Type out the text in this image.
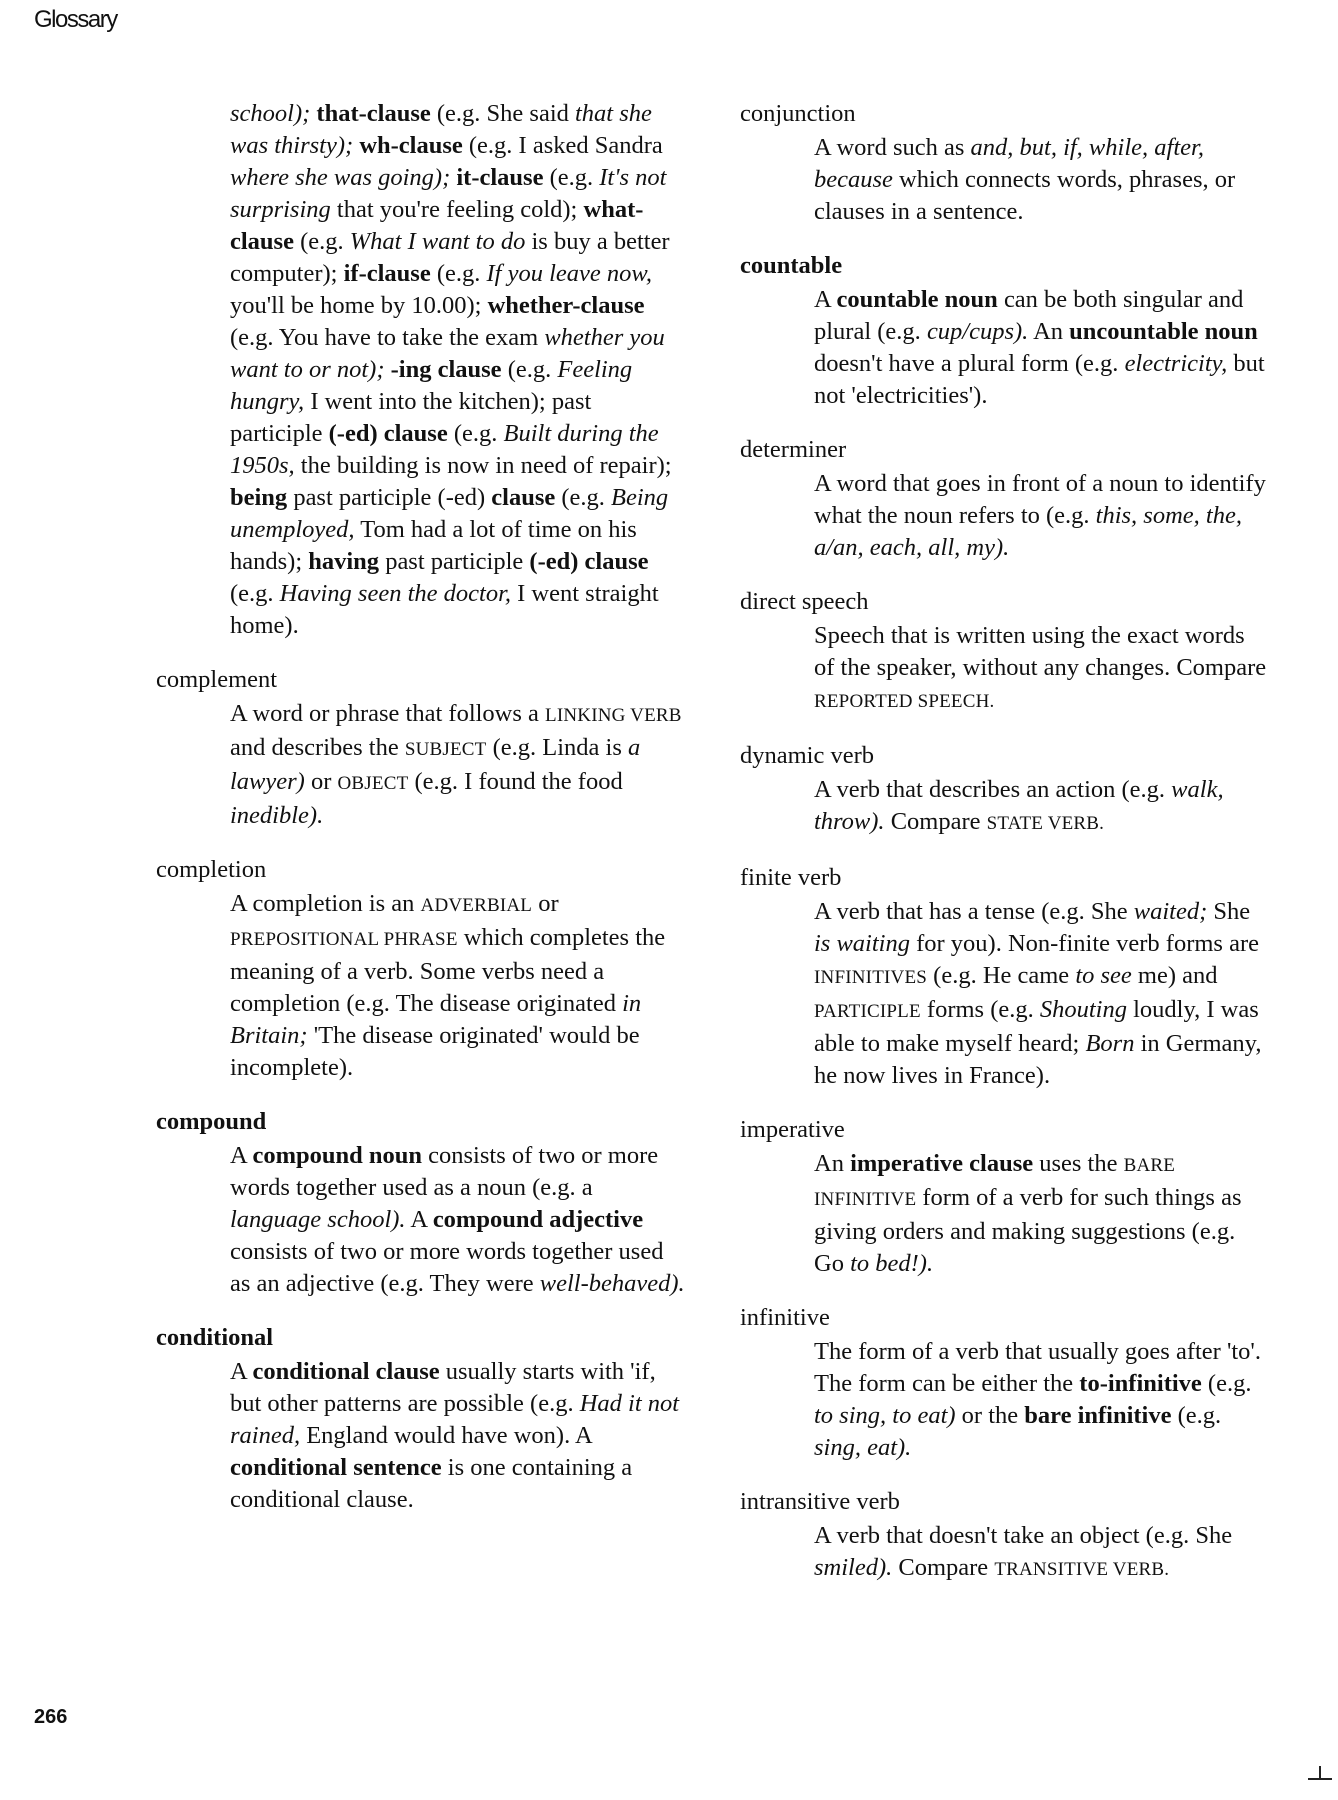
Glossary
school); that-clause (e.g. She said that she was thirsty); wh-clause (e.g. I asked Sandra where she was going); it-clause (e.g. It's not surprising that you're feeling cold); what-clause (e.g. What I want to do is buy a better computer); if-clause (e.g. If you leave now, you'll be home by 10.00); whether-clause (e.g. You have to take the exam whether you want to or not); -ing clause (e.g. Feeling hungry, I went into the kitchen); past participle (-ed) clause (e.g. Built during the 1950s, the building is now in need of repair); being past participle (-ed) clause (e.g. Being unemployed, Tom had a lot of time on his hands); having past participle (-ed) clause (e.g. Having seen the doctor, I went straight home).
complement
A word or phrase that follows a LINKING VERB and describes the SUBJECT (e.g. Linda is a lawyer) or OBJECT (e.g. I found the food inedible).
completion
A completion is an ADVERBIAL or PREPOSITIONAL PHRASE which completes the meaning of a verb. Some verbs need a completion (e.g. The disease originated in Britain; 'The disease originated' would be incomplete).
compound
A compound noun consists of two or more words together used as a noun (e.g. a language school). A compound adjective consists of two or more words together used as an adjective (e.g. They were well-behaved).
conditional
A conditional clause usually starts with 'if, but other patterns are possible (e.g. Had it not rained, England would have won). A conditional sentence is one containing a conditional clause.
conjunction
A word such as and, but, if, while, after, because which connects words, phrases, or clauses in a sentence.
countable
A countable noun can be both singular and plural (e.g. cup/cups). An uncountable noun doesn't have a plural form (e.g. electricity, but not 'electricities').
determiner
A word that goes in front of a noun to identify what the noun refers to (e.g. this, some, the, a/an, each, all, my).
direct speech
Speech that is written using the exact words of the speaker, without any changes. Compare REPORTED SPEECH.
dynamic verb
A verb that describes an action (e.g. walk, throw). Compare STATE VERB.
finite verb
A verb that has a tense (e.g. She waited; She is waiting for you). Non-finite verb forms are INFINITIVES (e.g. He came to see me) and PARTICIPLE forms (e.g. Shouting loudly, I was able to make myself heard; Born in Germany, he now lives in France).
imperative
An imperative clause uses the BARE INFINITIVE form of a verb for such things as giving orders and making suggestions (e.g. Go to bed!).
infinitive
The form of a verb that usually goes after 'to'. The form can be either the to-infinitive (e.g. to sing, to eat) or the bare infinitive (e.g. sing, eat).
intransitive verb
A verb that doesn't take an object (e.g. She smiled). Compare TRANSITIVE VERB.
266
